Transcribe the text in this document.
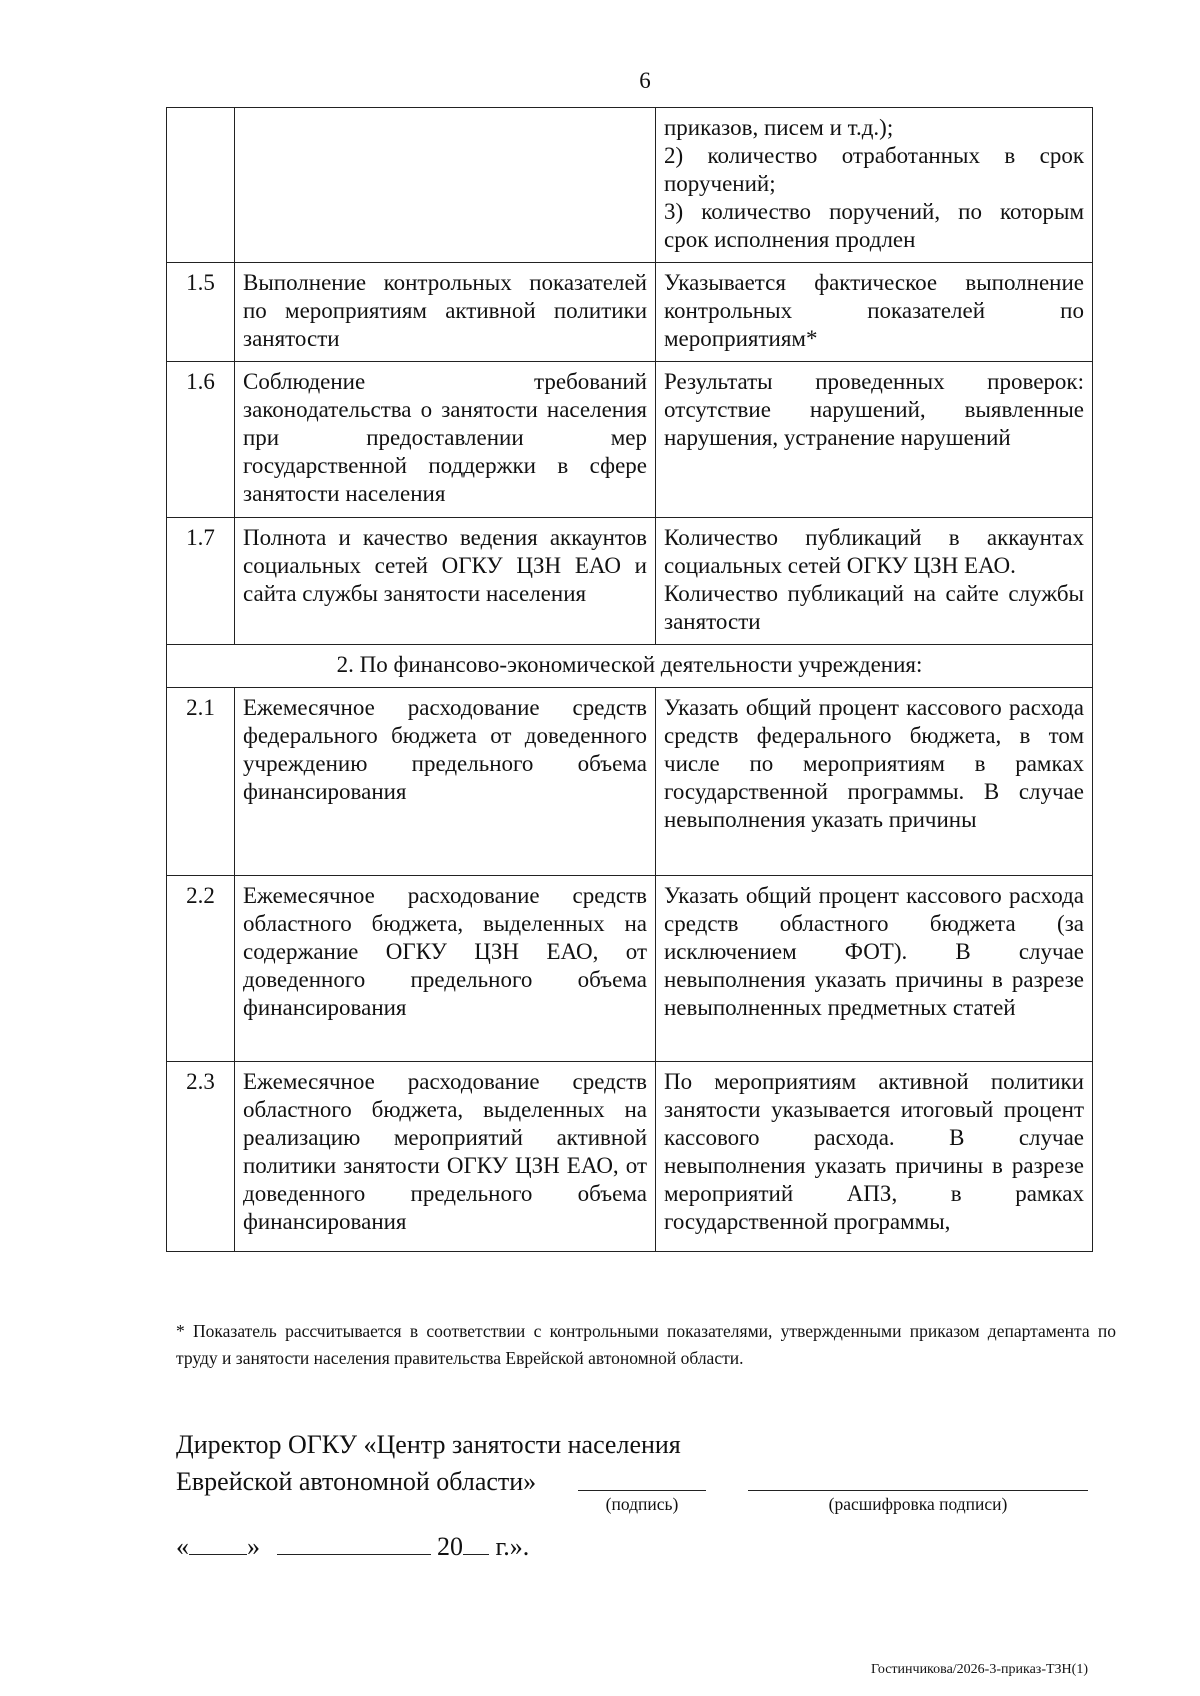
6

		приказов, писем и т.д.);
2) количество отработанных в срок поручений;
3) количество поручений, по которым срок исполнения продлен

1.5	Выполнение контрольных показателей по мероприятиям активной политики занятости	Указывается фактическое выполнение контрольных показателей по мероприятиям*
1.6	Соблюдение требований законодательства о занятости населения при предоставлении мер государственной поддержки в сфере занятости населения	Результаты проведенных проверок: отсутствие нарушений, выявленные нарушения, устранение нарушений
1.7	Полнота и качество ведения аккаунтов социальных сетей ОГКУ ЦЗН ЕАО и сайта службы занятости населения	Количество публикаций в аккаунтах социальных сетей ОГКУ ЦЗН ЕАО.
Количество публикаций на сайте службы занятости

2. По финансово-экономической деятельности учреждения:		
2.1	Ежемесячное расходование средств федерального бюджета от доведенного учреждению предельного объема финансирования	Указать общий процент кассового расхода средств федерального бюджета, в том числе по мероприятиям в рамках государственной программы. В случае невыполнения указать причины
2.2	Ежемесячное расходование средств областного бюджета, выделенных на содержание ОГКУ ЦЗН ЕАО, от доведенного предельного объема финансирования	Указать общий процент кассового расхода средств областного бюджета (за исключением ФОТ). В случае невыполнения указать причины в разрезе невыполненных предметных статей
2.3	Ежемесячное расходование средств областного бюджета, выделенных на реализацию мероприятий активной политики занятости ОГКУ ЦЗН ЕАО, от доведенного предельного объема финансирования	По мероприятиям активной политики занятости указывается итоговый процент кассового расхода. В случае невыполнения указать причины в разрезе мероприятий АПЗ, в рамках государственной программы,
* Показатель рассчитывается в соответствии с контрольными показателями, утвержденными приказом департамента по труду и занятости населения правительства Еврейской автономной области.
Директор ОГКУ «Центр занятости населения
Еврейской автономной области»
(подпись)	(расшифровка подписи)
« »	20 г.».
Гостинчикова/2026-3-приказ-ТЗН(1)
